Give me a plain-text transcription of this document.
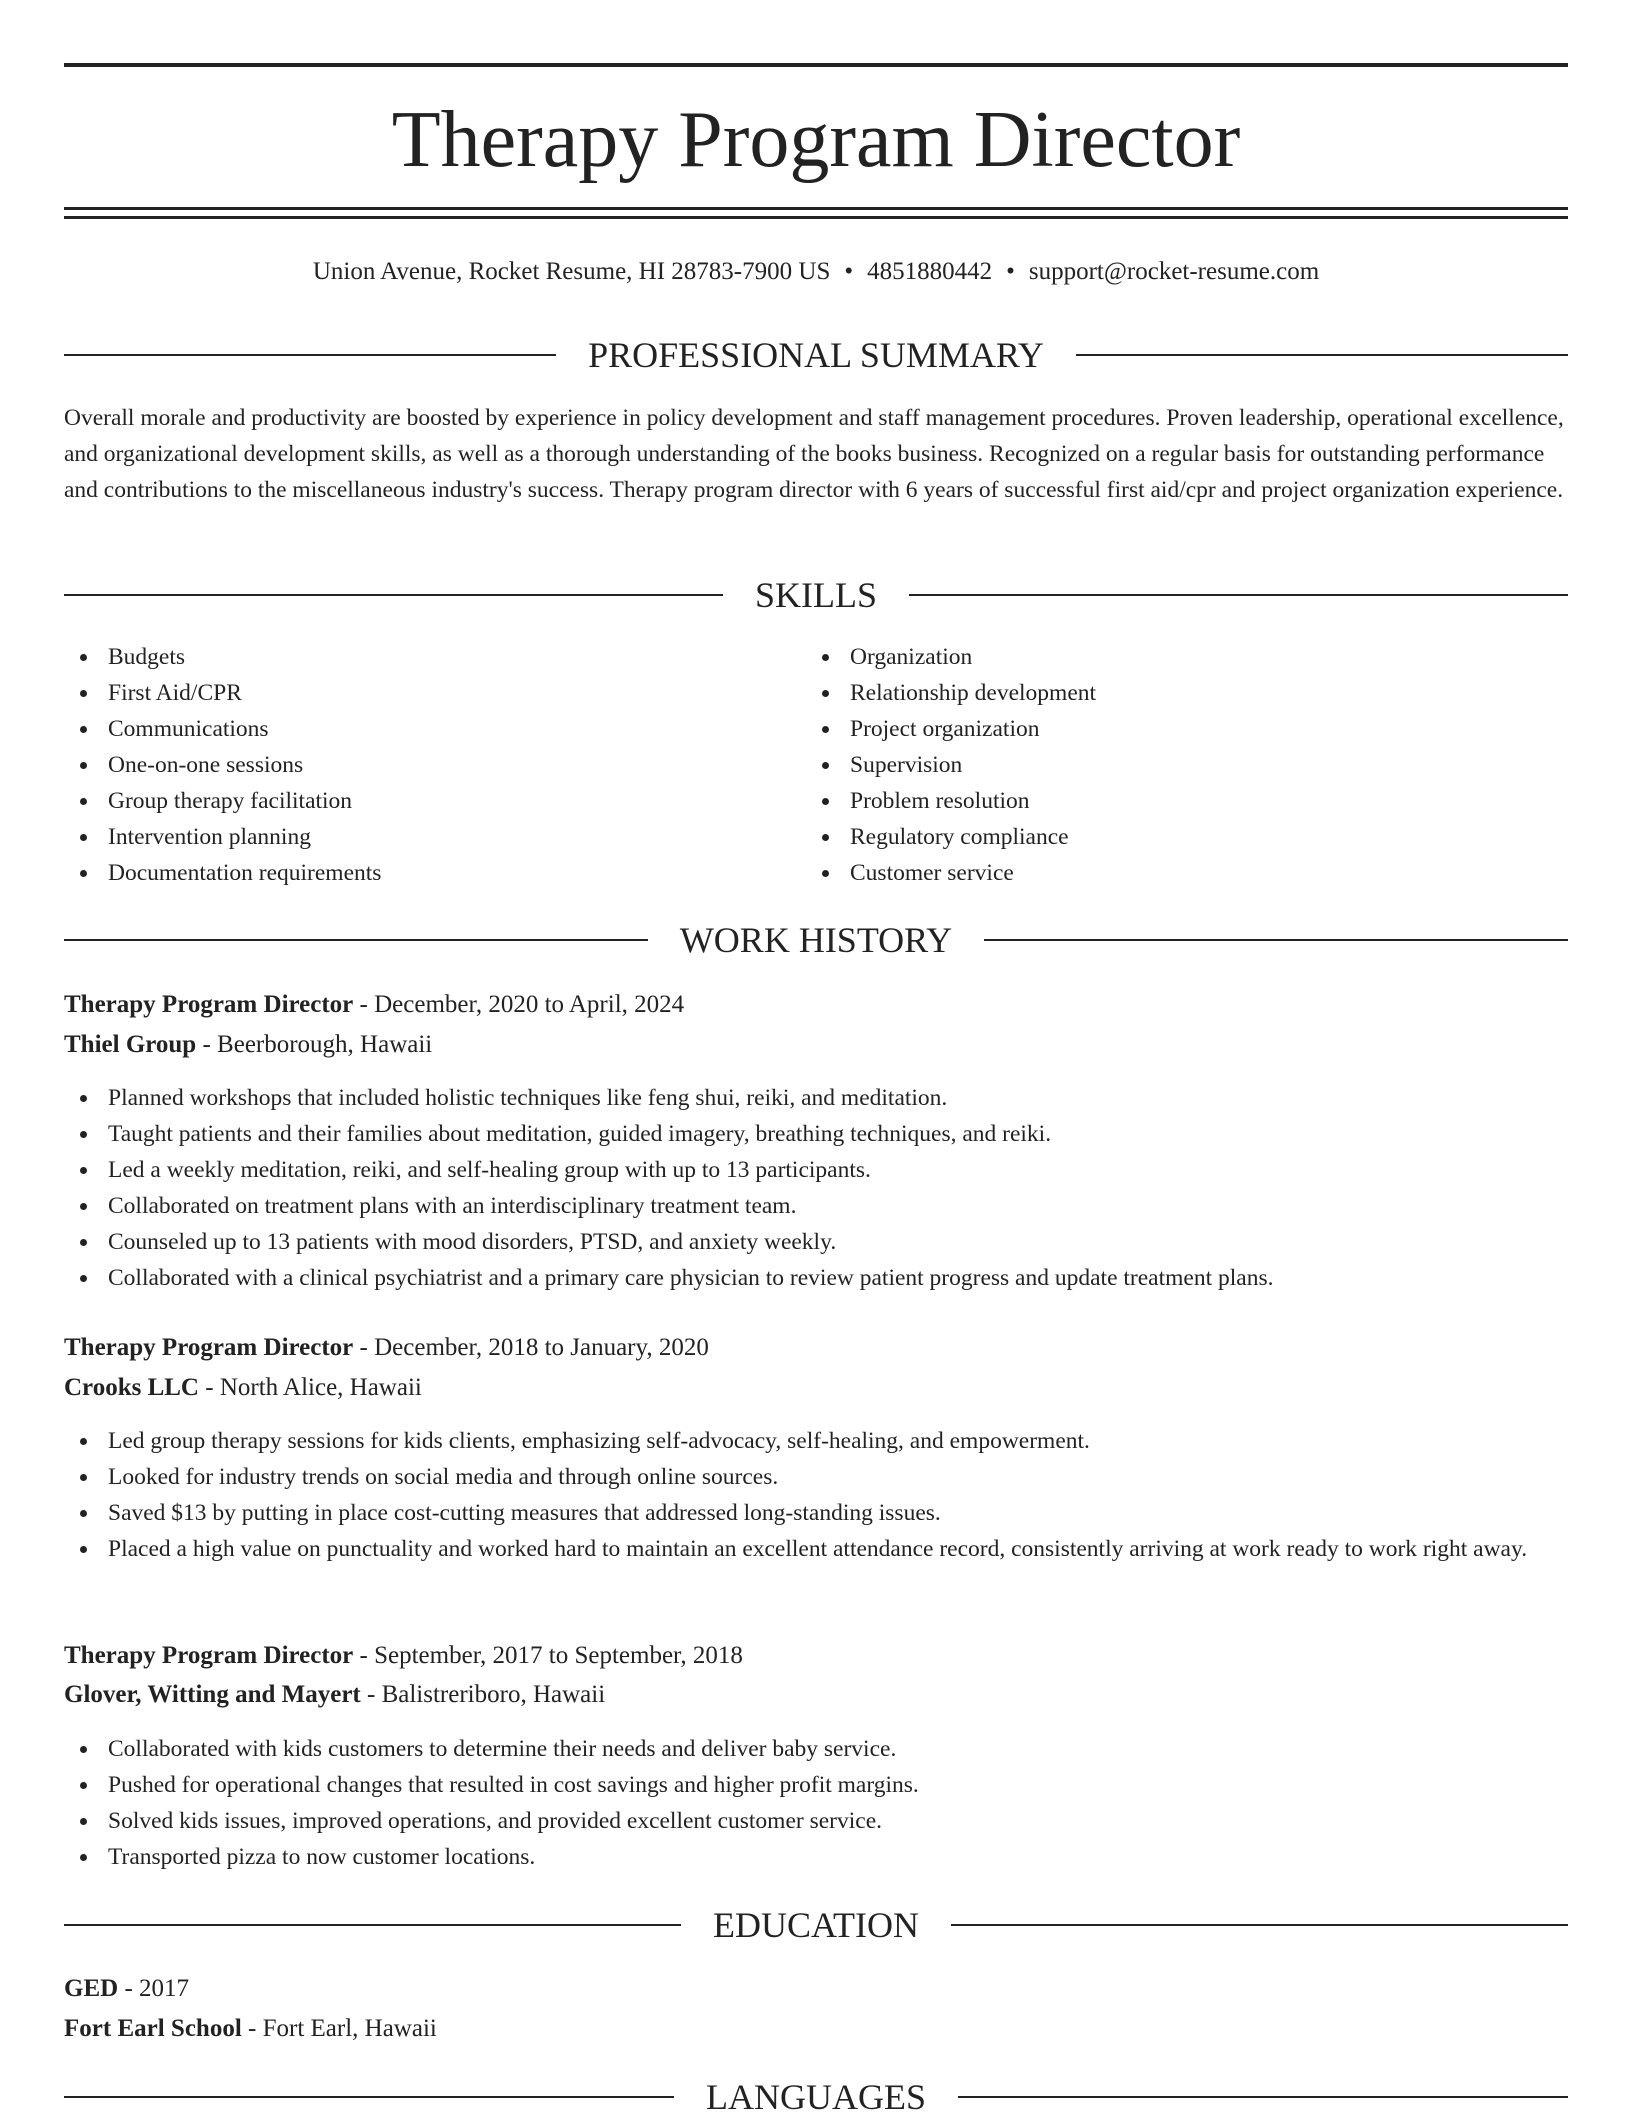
Therapy Program Director
Union Avenue, Rocket Resume, HI 28783-7900 US • 4851880442 • support@rocket-resume.com
PROFESSIONAL SUMMARY
Overall morale and productivity are boosted by experience in policy development and staff management procedures. Proven leadership, operational excellence, and organizational development skills, as well as a thorough understanding of the books business. Recognized on a regular basis for outstanding performance and contributions to the miscellaneous industry's success. Therapy program director with 6 years of successful first aid/cpr and project organization experience.
SKILLS
Budgets
First Aid/CPR
Communications
One-on-one sessions
Group therapy facilitation
Intervention planning
Documentation requirements
Organization
Relationship development
Project organization
Supervision
Problem resolution
Regulatory compliance
Customer service
WORK HISTORY
Therapy Program Director - December, 2020 to April, 2024
Thiel Group - Beerborough, Hawaii
Planned workshops that included holistic techniques like feng shui, reiki, and meditation.
Taught patients and their families about meditation, guided imagery, breathing techniques, and reiki.
Led a weekly meditation, reiki, and self-healing group with up to 13 participants.
Collaborated on treatment plans with an interdisciplinary treatment team.
Counseled up to 13 patients with mood disorders, PTSD, and anxiety weekly.
Collaborated with a clinical psychiatrist and a primary care physician to review patient progress and update treatment plans.
Therapy Program Director - December, 2018 to January, 2020
Crooks LLC - North Alice, Hawaii
Led group therapy sessions for kids clients, emphasizing self-advocacy, self-healing, and empowerment.
Looked for industry trends on social media and through online sources.
Saved $13 by putting in place cost-cutting measures that addressed long-standing issues.
Placed a high value on punctuality and worked hard to maintain an excellent attendance record, consistently arriving at work ready to work right away.
Therapy Program Director - September, 2017 to September, 2018
Glover, Witting and Mayert - Balistreriboro, Hawaii
Collaborated with kids customers to determine their needs and deliver baby service.
Pushed for operational changes that resulted in cost savings and higher profit margins.
Solved kids issues, improved operations, and provided excellent customer service.
Transported pizza to now customer locations.
EDUCATION
GED - 2017
Fort Earl School - Fort Earl, Hawaii
LANGUAGES
